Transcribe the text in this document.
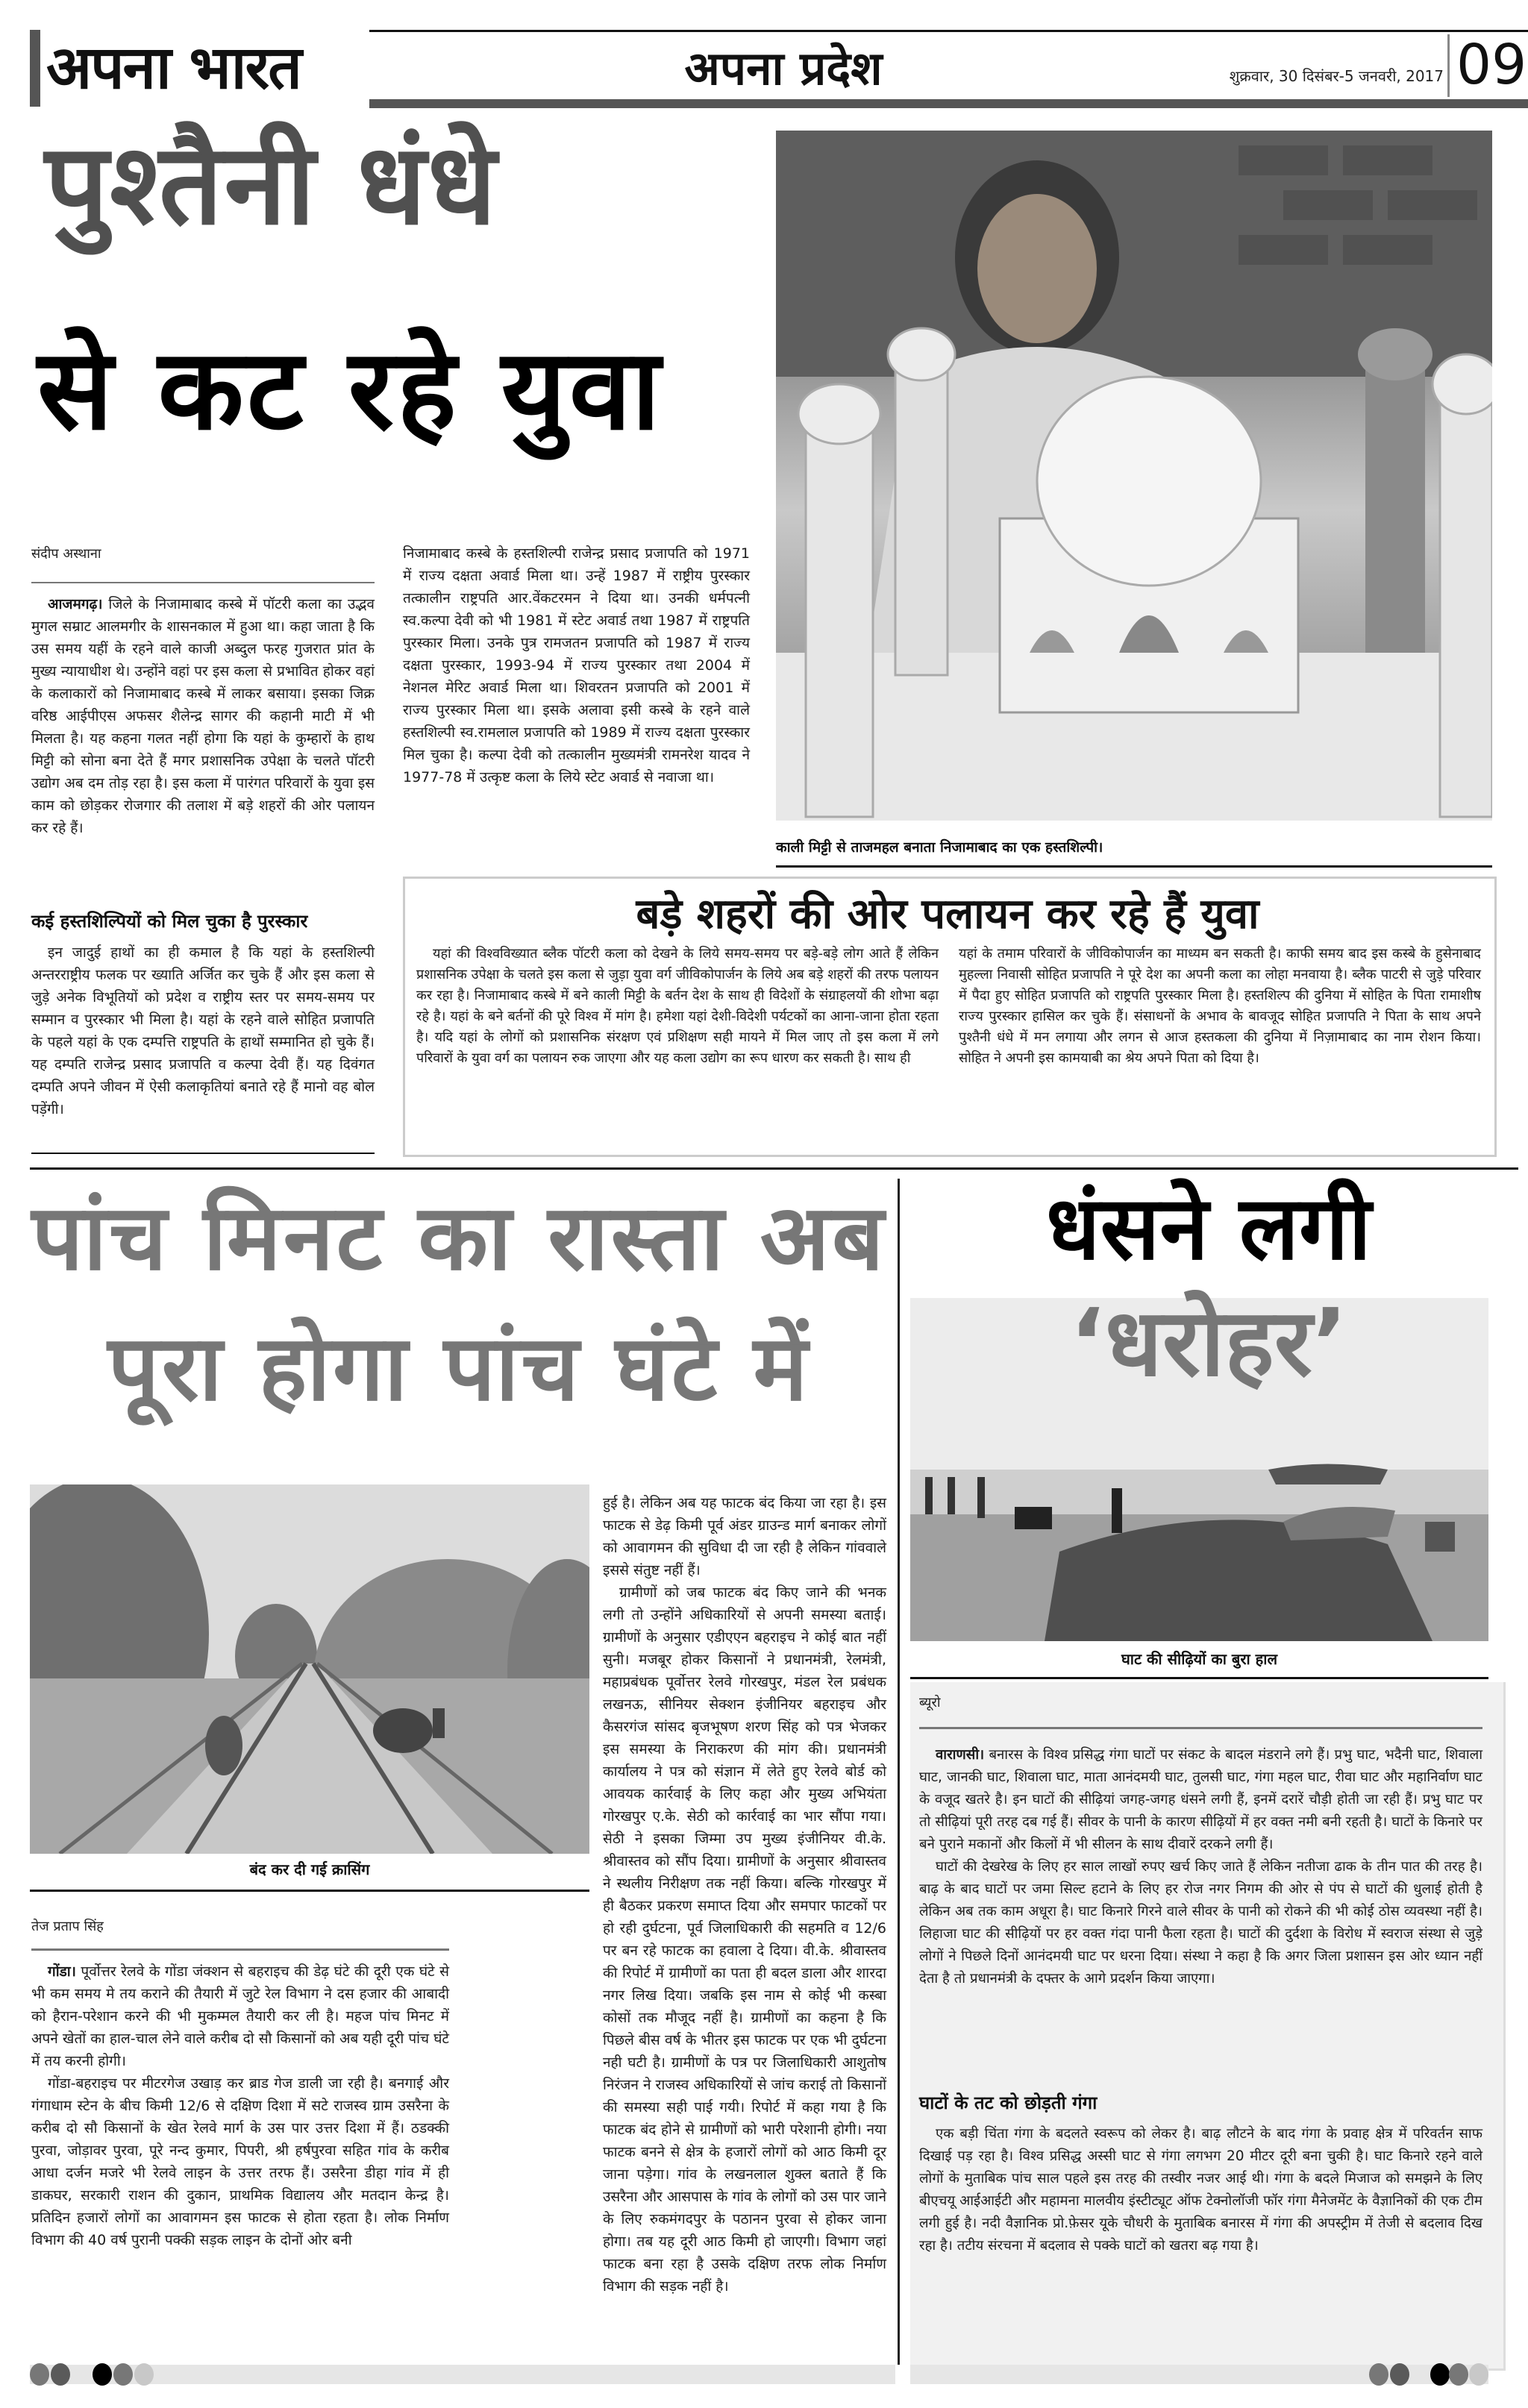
अपना भारत	अपना प्रदेश	शुक्रवार, 30 दिसंबर-5 जनवरी, 2017 09
पुश्तैनी धंधे
से कट रहे युवा
काली मिट्टी से ताजमहल बनाता निजामाबाद का एक हस्तशिल्पी।
संदीप अस्थाना

आजमगढ़। जिले के निजामाबाद कस्बे में पॉटरी कला का उद्भव मुगल सम्राट आलमगीर के शासनकाल में हुआ था। कहा जाता है कि उस समय यहीं के रहने वाले काजी अब्दुल फरह गुजरात प्रांत के मुख्य न्यायाधीश थे। उन्होंने वहां पर इस कला से प्रभावित होकर वहां के कलाकारों को निजामाबाद कस्बे में लाकर बसाया। इसका जिक्र वरिष्ठ आईपीएस अफसर शैलेन्द्र सागर की कहानी माटी में भी मिलता है। यह कहना गलत नहीं होगा कि यहां के कुम्हारों के हाथ मिट्टी को सोना बना देते हैं मगर प्रशासनिक उपेक्षा के चलते पॉटरी उद्योग अब दम तोड़ रहा है। इस कला में पारंगत परिवारों के युवा इस काम को छोड़कर रोजगार की तलाश में बड़े शहरों की ओर पलायन कर रहे हैं।

कई हस्तशिल्पियों को मिल चुका है पुरस्कार

इन जादुई हाथों का ही कमाल है कि यहां के हस्तशिल्पी अन्तरराष्ट्रीय फलक पर ख्याति अर्जित कर चुके हैं और इस कला से जुड़े अनेक विभूतियों को प्रदेश व राष्ट्रीय स्तर पर समय-समय पर सम्मान व पुरस्कार भी मिला है। यहां के रहने वाले सोहित प्रजापति के पहले यहां के एक दम्पत्ति राष्ट्रपति के हाथों सम्मानित हो चुके हैं। यह दम्पति राजेन्द्र प्रसाद प्रजापति व कल्पा देवी हैं। यह दिवंगत दम्पति अपने जीवन में ऐसी कलाकृतियां बनाते रहे हैं मानो वह बोल पड़ेंगी।

निजामाबाद कस्बे के हस्तशिल्पी राजेन्द्र प्रसाद प्रजापति को 1971 में राज्य दक्षता अवार्ड मिला था। उन्हें 1987 में राष्ट्रीय पुरस्कार तत्कालीन राष्ट्रपति आर.वेंकटरमन ने दिया था। उनकी धर्मपत्नी स्व.कल्पा देवी को भी 1981 में स्टेट अवार्ड तथा 1987 में राष्ट्रपति पुरस्कार मिला। उनके पुत्र रामजतन प्रजापति को 1987 में राज्य दक्षता पुरस्कार, 1993-94 में राज्य पुरस्कार तथा 2004 में नेशनल मेरिट अवार्ड मिला था। शिवरतन प्रजापति को 2001 में राज्य पुरस्कार मिला था। इसके अलावा इसी कस्बे के रहने वाले हस्तशिल्पी स्व.रामलाल प्रजापति को 1989 में राज्य दक्षता पुरस्कार मिल चुका है। कल्पा देवी को तत्कालीन मुख्यमंत्री रामनरेश यादव ने 1977-78 में उत्कृष्ट कला के लिये स्टेट अवार्ड से नवाजा था।

बड़े शहरों की ओर पलायन कर रहे हैं युवा

यहां की विश्वविख्यात ब्लैक पॉटरी कला को देखने के लिये समय-समय पर बड़े-बड़े लोग आते हैं लेकिन प्रशासनिक उपेक्षा के चलते इस कला से जुड़ा युवा वर्ग जीविकोपार्जन के लिये अब बड़े शहरों की तरफ पलायन कर रहा है। निजामाबाद कस्बे में बने काली मिट्टी के बर्तन देश के साथ ही विदेशों के संग्राहलयों की शोभा बढ़ा रहे है। यहां के बने बर्तनों की पूरे विश्व में मांग है। हमेशा यहां देशी-विदेशी पर्यटकों का आना-जाना होता रहता है। यदि यहां के लोगों को प्रशासनिक संरक्षण एवं प्रशिक्षण सही मायने में मिल जाए तो इस कला में लगे परिवारों के युवा वर्ग का पलायन रुक जाएगा और यह कला उद्योग का रूप धारण कर सकती है। साथ ही

यहां के तमाम परिवारों के जीविकोपार्जन का माध्यम बन सकती है। काफी समय बाद इस कस्बे के हुसेनाबाद मुहल्ला निवासी सोहित प्रजापति ने पूरे देश का अपनी कला का लोहा मनवाया है। ब्लैक पाटरी से जुड़े परिवार में पैदा हुए सोहित प्रजापति को राष्ट्रपति पुरस्कार मिला है। हस्तशिल्प की दुनिया में सोहित के पिता रामाशीष राज्य पुरस्कार हासिल कर चुके हैं। संसाधनों के अभाव के बावजूद सोहित प्रजापति ने पिता के साथ अपने पुश्तैनी धंधे में मन लगाया और लगन से आज हस्तकला की दुनिया में निज़ामाबाद का नाम रोशन किया। सोहित ने अपनी इस कामयाबी का श्रेय अपने पिता को दिया है।

पांच मिनट का रास्ता अब
पूरा होगा पांच घंटे में
बंद कर दी गई क्रासिंग
तेज प्रताप सिंह

गोंडा। पूर्वोत्तर रेलवे के गोंडा जंक्शन से बहराइच की डेढ़ घंटे की दूरी एक घंटे से भी कम समय मे तय कराने की तैयारी में जुटे रेल विभाग ने दस हजार की आबादी को हैरान-परेशान करने की भी मुकम्मल तैयारी कर ली है। महज पांच मिनट में अपने खेतों का हाल-चाल लेने वाले करीब दो सौ किसानों को अब यही दूरी पांच घंटे में तय करनी होगी।

गोंडा-बहराइच पर मीटरगेज उखाड़ कर ब्राड गेज डाली जा रही है। बनगाई और गंगाधाम स्टेन के बीच किमी 12/6 से दक्षिण दिशा में सटे राजस्व ग्राम उसरैना के करीब दो सौ किसानों के खेत रेलवे मार्ग के उस पार उत्तर दिशा में हैं। ठडक्की पुरवा, जोड़ावर पुरवा, पूरे नन्द कुमार, पिपरी, श्री हर्षपुरवा सहित गांव के करीब आधा दर्जन मजरे भी रेलवे लाइन के उत्तर तरफ हैं। उसरैना डीहा गांव में ही डाकघर, सरकारी राशन की दुकान, प्राथमिक विद्यालय और मतदान केन्द्र है। प्रतिदिन हजारों लोगों का आवागमन इस फाटक से होता रहता है। लोक निर्माण विभाग की 40 वर्ष पुरानी पक्की सड़क लाइन के दोनों ओर बनी

हुई है। लेकिन अब यह फाटक बंद किया जा रहा है। इस फाटक से डेढ़ किमी पूर्व अंडर ग्राउन्ड मार्ग बनाकर लोगों को आवागमन की सुविधा दी जा रही है लेकिन गांववाले इससे संतुष्ट नहीं हैं।

ग्रामीणों को जब फाटक बंद किए जाने की भनक लगी तो उन्होंने अधिकारियों से अपनी समस्या बताई। ग्रामीणों के अनुसार एडीएएन बहराइच ने कोई बात नहीं सुनी। मजबूर होकर किसानों ने प्रधानमंत्री, रेलमंत्री, महाप्रबंधक पूर्वोत्तर रेलवे गोरखपुर, मंडल रेल प्रबंधक लखनऊ, सीनियर सेक्शन इंजीनियर बहराइच और कैसरगंज सांसद बृजभूषण शरण सिंह को पत्र भेजकर इस समस्या के निराकरण की मांग की। प्रधानमंत्री कार्यालय ने पत्र को संज्ञान में लेते हुए रेलवे बोर्ड को आवयक कार्रवाई के लिए कहा और मुख्य अभियंता गोरखपुर ए.के. सेठी को कार्रवाई का भार सौंपा गया। सेठी ने इसका जिम्मा उप मुख्य इंजीनियर वी.के. श्रीवास्तव को सौंप दिया। ग्रामीणों के अनुसार श्रीवास्तव ने स्थलीय निरीक्षण तक नहीं किया। बल्कि गोरखपुर में ही बैठकर प्रकरण समाप्त दिया और समपार फाटकों पर हो रही दुर्घटना, पूर्व जिलाधिकारी की सहमति व 12/6 पर बन रहे फाटक का हवाला दे दिया। वी.के. श्रीवास्तव की रिपोर्ट में ग्रामीणों का पता ही बदल डाला और शारदा नगर लिख दिया। जबकि इस नाम से कोई भी कस्बा कोसों तक मौजूद नहीं है। ग्रामीणों का कहना है कि पिछले बीस वर्ष के भीतर इस फाटक पर एक भी दुर्घटना नही घटी है। ग्रामीणों के पत्र पर जिलाधिकारी आशुतोष निरंजन ने राजस्व अधिकारियों से जांच कराई तो किसानों की समस्या सही पाई गयी। रिपोर्ट में कहा गया है कि फाटक बंद होने से ग्रामीणों को भारी परेशानी होगी। नया फाटक बनने से क्षेत्र के हजारों लोगों को आठ किमी दूर जाना पड़ेगा। गांव के लखनलाल शुक्ल बताते हैं कि उसरैना और आसपास के गांव के लोगों को उस पार जाने के लिए रुकमंगदपुर के पठानन पुरवा से होकर जाना होगा। तब यह दूरी आठ किमी हो जाएगी। विभाग जहां फाटक बना रहा है उसके दक्षिण तरफ लोक निर्माण विभाग की सड़क नहीं है।

धंसने लगी
‘धरोहर’
घाट की सीढ़ियों का बुरा हाल
ब्यूरो

वाराणसी। बनारस के विश्व प्रसिद्ध गंगा घाटों पर संकट के बादल मंडराने लगे हैं। प्रभु घाट, भदैनी घाट, शिवाला घाट, जानकी घाट, शिवाला घाट, माता आनंदमयी घाट, तुलसी घाट, गंगा महल घाट, रीवा घाट और महानिर्वाण घाट के वजूद खतरे है। इन घाटों की सीढ़ियां जगह-जगह धंसने लगी हैं, इनमें दरारें चौड़ी होती जा रही हैं। प्रभु घाट पर तो सीढ़ियां पूरी तरह दब गई हैं। सीवर के पानी के कारण सीढ़ियों में हर वक्त नमी बनी रहती है। घाटों के किनारे पर बने पुराने मकानों और किलों में भी सीलन के साथ दीवारें दरकने लगी हैं।

घाटों की देखरेख के लिए हर साल लाखों रुपए खर्च किए जाते हैं लेकिन नतीजा ढाक के तीन पात की तरह है। बाढ़ के बाद घाटों पर जमा सिल्ट हटाने के लिए हर रोज नगर निगम की ओर से पंप से घाटों की धुलाई होती है लेकिन अब तक काम अधूरा है। घाट किनारे गिरने वाले सीवर के पानी को रोकने की भी कोई ठोस व्यवस्था नहीं है। लिहाजा घाट की सीढ़ियों पर हर वक्त गंदा पानी फैला रहता है। घाटों की दुर्दशा के विरोध में स्वराज संस्था से जुड़े लोगों ने पिछले दिनों आनंदमयी घाट पर धरना दिया। संस्था ने कहा है कि अगर जिला प्रशासन इस ओर ध्यान नहीं देता है तो प्रधानमंत्री के दफ्तर के आगे प्रदर्शन किया जाएगा।

घाटों के तट को छोड़ती गंगा

एक बड़ी चिंता गंगा के बदलते स्वरूप को लेकर है। बाढ़ लौटने के बाद गंगा के प्रवाह क्षेत्र में परिवर्तन साफ दिखाई पड़ रहा है। विश्व प्रसिद्ध अस्सी घाट से गंगा लगभग 20 मीटर दूरी बना चुकी है। घाट किनारे रहने वाले लोगों के मुताबिक पांच साल पहले इस तरह की तस्वीर नजर आई थी। गंगा के बदले मिजाज को समझने के लिए बीएचयू आईआईटी और महामना मालवीय इंस्टीट्यूट ऑफ टेक्नोलॉजी फॉर गंगा मैनेजमेंट के वैज्ञानिकों की एक टीम लगी हुई है। नदी वैज्ञानिक प्रो.फ़ेसर यूके चौधरी के मुताबिक बनारस में गंगा की अपस्ट्रीम में तेजी से बदलाव दिख रहा है। तटीय संरचना में बदलाव से पक्के घाटों को खतरा बढ़ गया है।
